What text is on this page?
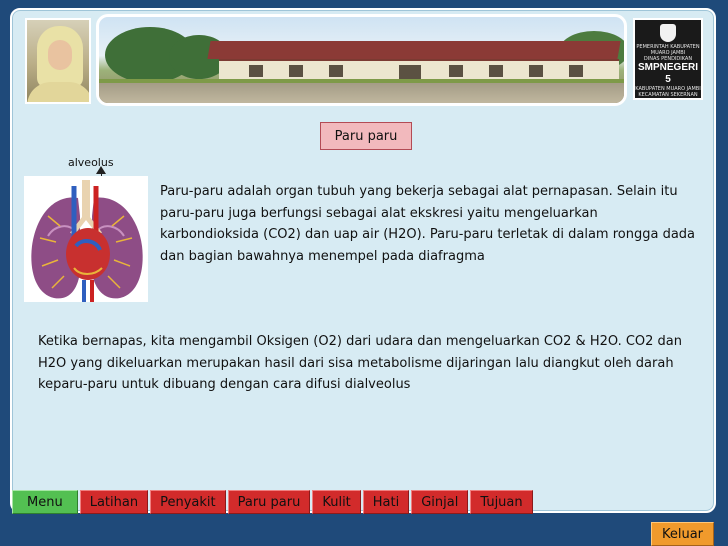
PEMERINTAH KABUPATEN MUARO JAMBI
DINAS PENDIDIKAN
SMPNEGERI 5
KABUPATEN MUARO JAMBI
KECAMATAN SEKERNAN
Paru paru
alveolus
Paru-paru adalah organ tubuh yang bekerja sebagai alat pernapasan. Selain itu paru-paru juga berfungsi sebagai alat ekskresi yaitu mengeluarkan karbondioksida (CO2) dan uap air (H2O). Paru-paru terletak di dalam rongga dada dan bagian bawahnya menempel pada diafragma
Ketika bernapas, kita mengambil Oksigen (O2) dari udara dan mengeluarkan CO2 & H2O. CO2 dan H2O yang dikeluarkan merupakan hasil dari sisa metabolisme dijaringan lalu diangkut oleh darah keparu-paru untuk dibuang dengan cara difusi dialveolus
Menu	Latihan	Penyakit	Paru paru	Kulit	Hati	Ginjal	Tujuan
Keluar
